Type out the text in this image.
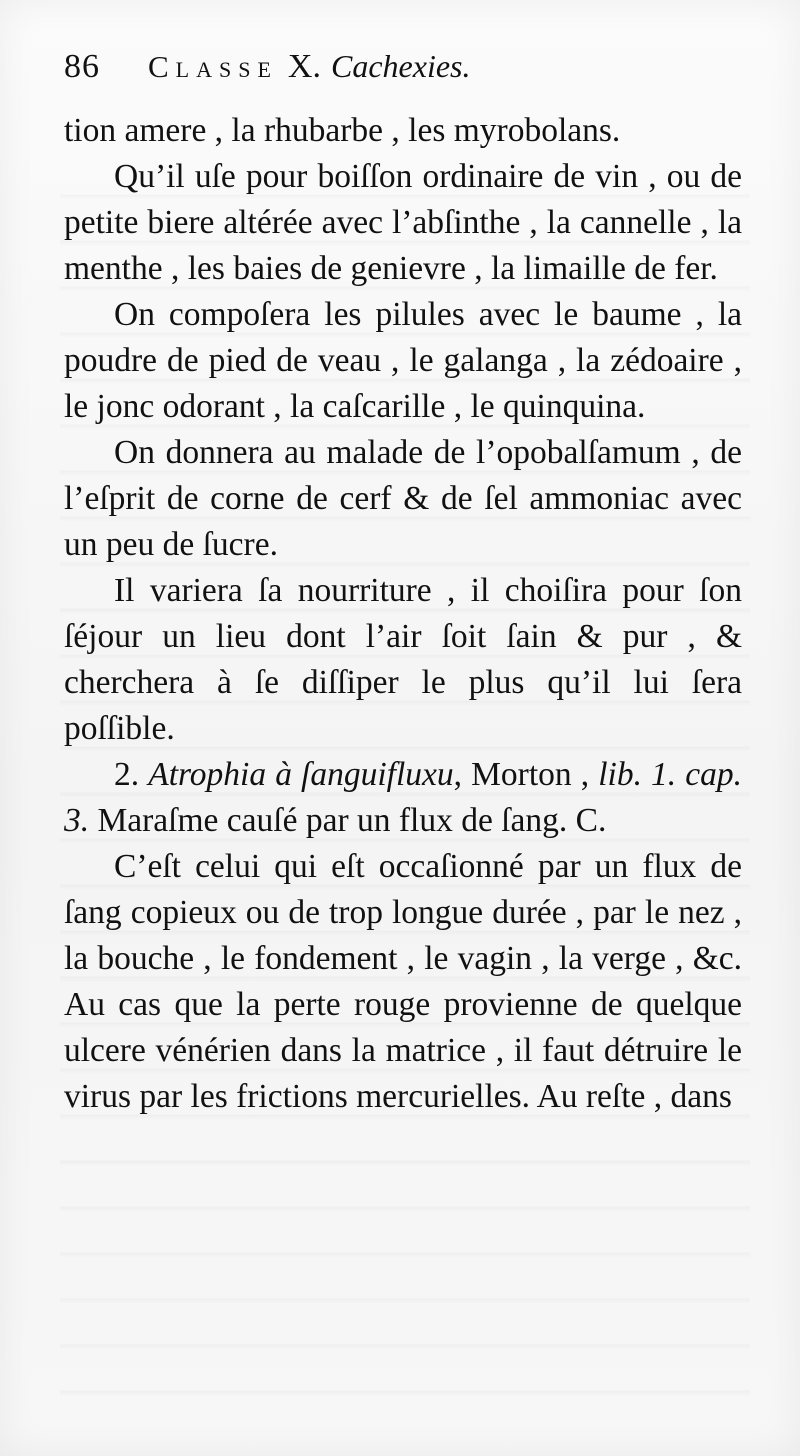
86	Classe X. Cachexies.

tion amere , la rhubarbe , les myrobolans.

Qu’il uſe pour boiſſon ordinaire de vin , ou de petite biere altérée avec l’abſinthe , la cannelle , la menthe , les baies de genievre , la limaille de fer.

On compoſera les pilules avec le baume , la poudre de pied de veau , le galanga , la zédoaire , le jonc odorant , la caſcarille , le quinquina.

On donnera au malade de l’opobalſamum , de l’eſprit de corne de cerf & de ſel ammoniac avec un peu de ſucre.

Il variera ſa nourriture , il choiſira pour ſon ſéjour un lieu dont l’air ſoit ſain & pur , & cherchera à ſe diſſiper le plus qu’il lui ſera poſſible.

2. Atrophia à ſanguifluxu, Morton , lib. 1. cap. 3. Maraſme cauſé par un flux de ſang. C.

C’eſt celui qui eſt occaſionné par un flux de ſang copieux ou de trop longue durée , par le nez , la bouche , le fondement , le vagin , la verge , &c. Au cas que la perte rouge provienne de quelque ulcere vénérien dans la matrice , il faut détruire le virus par les frictions mercurielles. Au reſte , dans
